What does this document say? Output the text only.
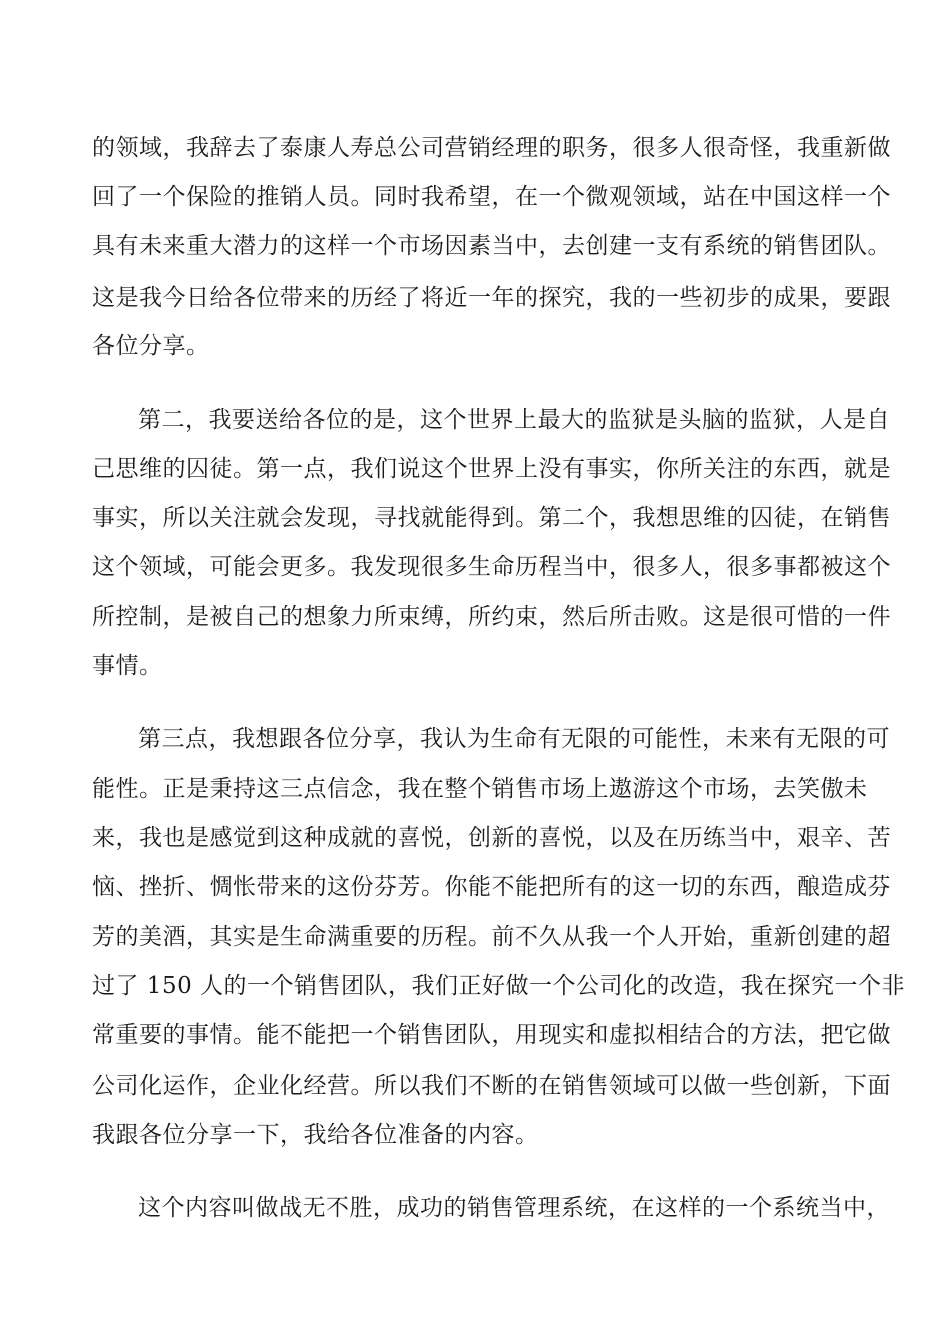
的领域，我辞去了泰康人寿总公司营销经理的职务，很多人很奇怪，我重新做
回了一个保险的推销人员。同时我希望，在一个微观领域，站在中国这样一个
具有未来重大潜力的这样一个市场因素当中，去创建一支有系统的销售团队。
这是我今日给各位带来的历经了将近一年的探究，我的一些初步的成果，要跟
各位分享。
第二，我要送给各位的是，这个世界上最大的监狱是头脑的监狱，人是自
己思维的囚徒。第一点，我们说这个世界上没有事实，你所关注的东西，就是
事实，所以关注就会发现，寻找就能得到。第二个，我想思维的囚徒，在销售
这个领域，可能会更多。我发现很多生命历程当中，很多人，很多事都被这个
所控制，是被自己的想象力所束缚，所约束，然后所击败。这是很可惜的一件
事情。
第三点，我想跟各位分享，我认为生命有无限的可能性，未来有无限的可
能性。正是秉持这三点信念，我在整个销售市场上遨游这个市场，去笑傲未
来，我也是感觉到这种成就的喜悦，创新的喜悦，以及在历练当中，艰辛、苦
恼、挫折、惆怅带来的这份芬芳。你能不能把所有的这一切的东西，酿造成芬
芳的美酒，其实是生命满重要的历程。前不久从我一个人开始，重新创建的超
过了 150 人的一个销售团队，我们正好做一个公司化的改造，我在探究一个非
常重要的事情。能不能把一个销售团队，用现实和虚拟相结合的方法，把它做
公司化运作，企业化经营。所以我们不断的在销售领域可以做一些创新，下面
我跟各位分享一下，我给各位准备的内容。
这个内容叫做战无不胜，成功的销售管理系统，在这样的一个系统当中，
